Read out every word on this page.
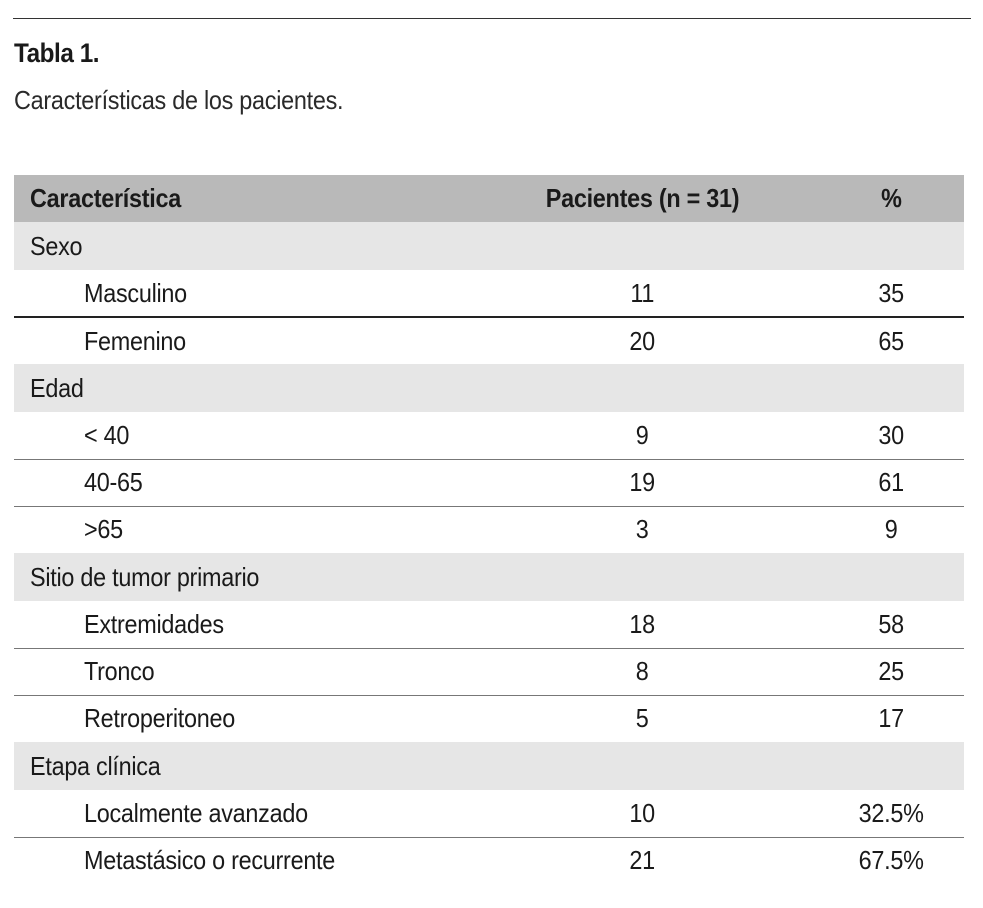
Tabla 1.
Características de los pacientes.
Característica	Pacientes (n = 31)	%
Sexo		
Masculino	11	35
Femenino	20	65
Edad		
< 40	9	30
40-65	19	61
>65	3	9
Sitio de tumor primario		
Extremidades	18	58
Tronco	8	25
Retroperitoneo	5	17
Etapa clínica		
Localmente avanzado	10	32.5%
Metastásico o recurrente	21	67.5%
